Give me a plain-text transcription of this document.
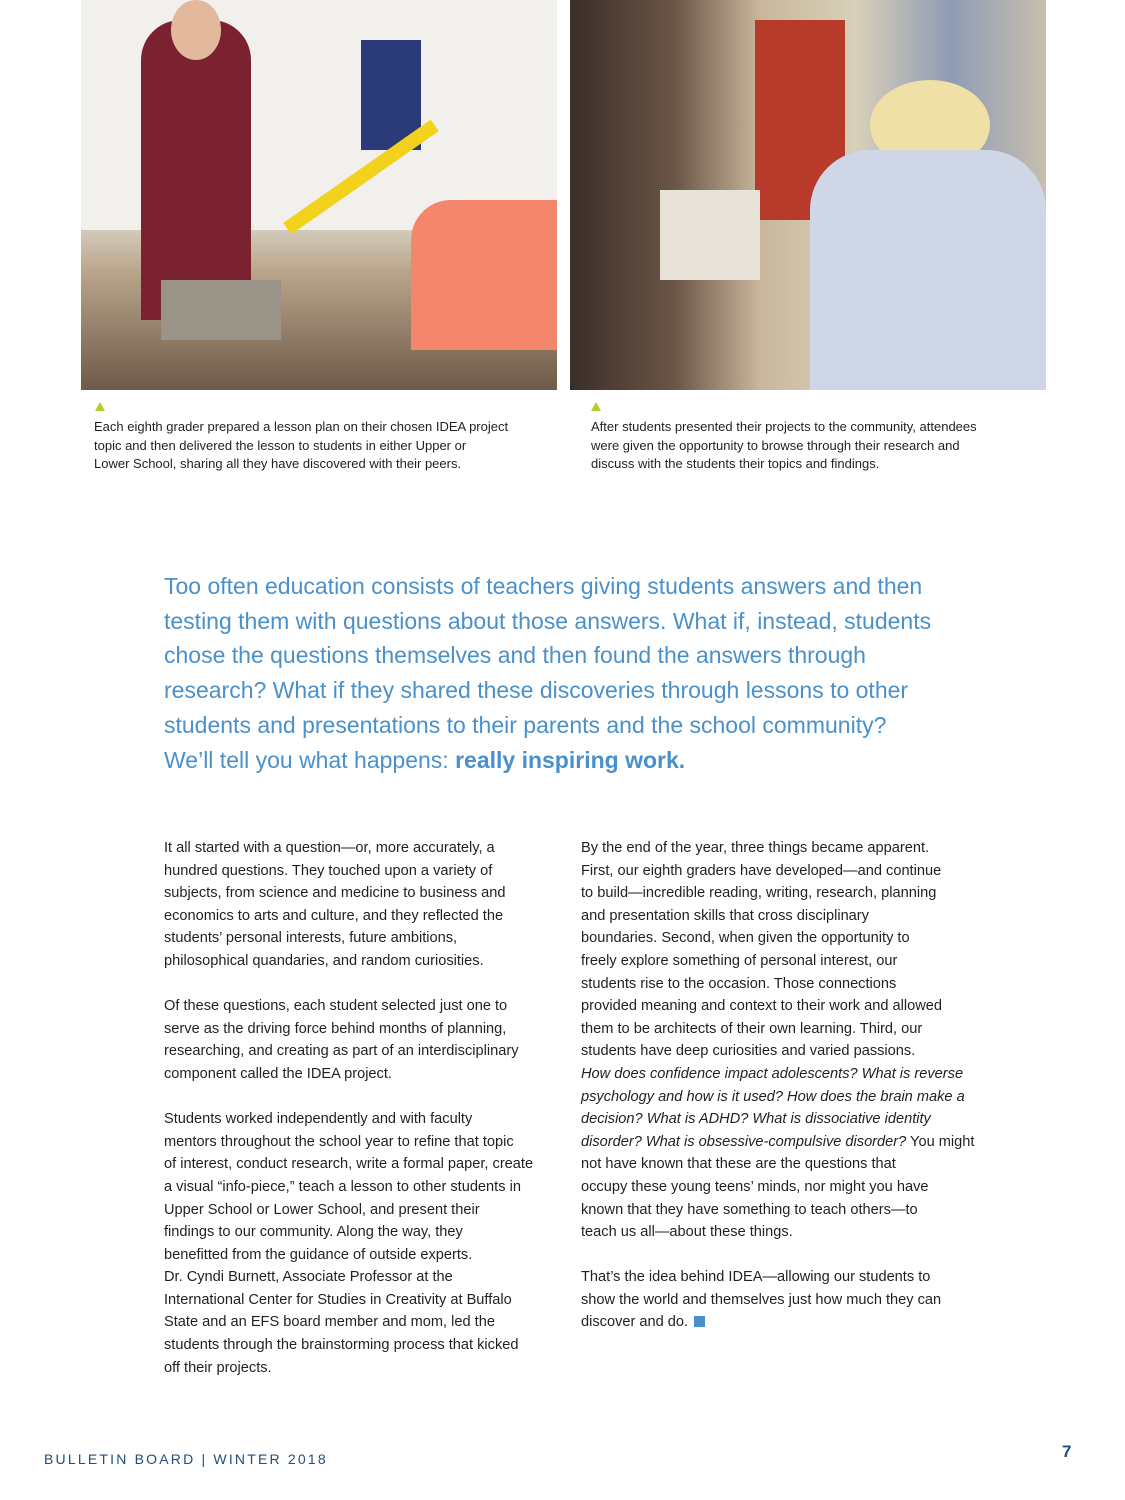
Each eighth grader prepared a lesson plan on their chosen IDEA project
topic and then delivered the lesson to students in either Upper or
Lower School, sharing all they have discovered with their peers.
After students presented their projects to the community, attendees
were given the opportunity to browse through their research and
discuss with the students their topics and findings.
Too often education consists of teachers giving students answers and then
testing them with questions about those answers. What if, instead, students
chose the questions themselves and then found the answers through
research? What if they shared these discoveries through lessons to other
students and presentations to their parents and the school community?
We’ll tell you what happens: really inspiring work.
It all started with a question—or, more accurately, a
hundred questions. They touched upon a variety of
subjects, from science and medicine to business and
economics to arts and culture, and they reflected the
students’ personal interests, future ambitions,
philosophical quandaries, and random curiosities.
Of these questions, each student selected just one to
serve as the driving force behind months of planning,
researching, and creating as part of an interdisciplinary
component called the IDEA project.
Students worked independently and with faculty
mentors throughout the school year to refine that topic
of interest, conduct research, write a formal paper, create
a visual “info-piece,” teach a lesson to other students in
Upper School or Lower School, and present their
findings to our community. Along the way, they
benefitted from the guidance of outside experts.
Dr. Cyndi Burnett, Associate Professor at the
International Center for Studies in Creativity at Buffalo
State and an EFS board member and mom, led the
students through the brainstorming process that kicked
off their projects.
By the end of the year, three things became apparent.
First, our eighth graders have developed—and continue
to build—incredible reading, writing, research, planning
and presentation skills that cross disciplinary
boundaries. Second, when given the opportunity to
freely explore something of personal interest, our
students rise to the occasion. Those connections
provided meaning and context to their work and allowed
them to be architects of their own learning. Third, our
students have deep curiosities and varied passions.
How does confidence impact adolescents? What is reverse
psychology and how is it used? How does the brain make a
decision? What is ADHD? What is dissociative identity
disorder? What is obsessive-compulsive disorder? You might
not have known that these are the questions that
occupy these young teens’ minds, nor might you have
known that they have something to teach others—to
teach us all—about these things.
That’s the idea behind IDEA—allowing our students to
show the world and themselves just how much they can
discover and do.
BULLETIN BOARD | WINTER 2018	7
